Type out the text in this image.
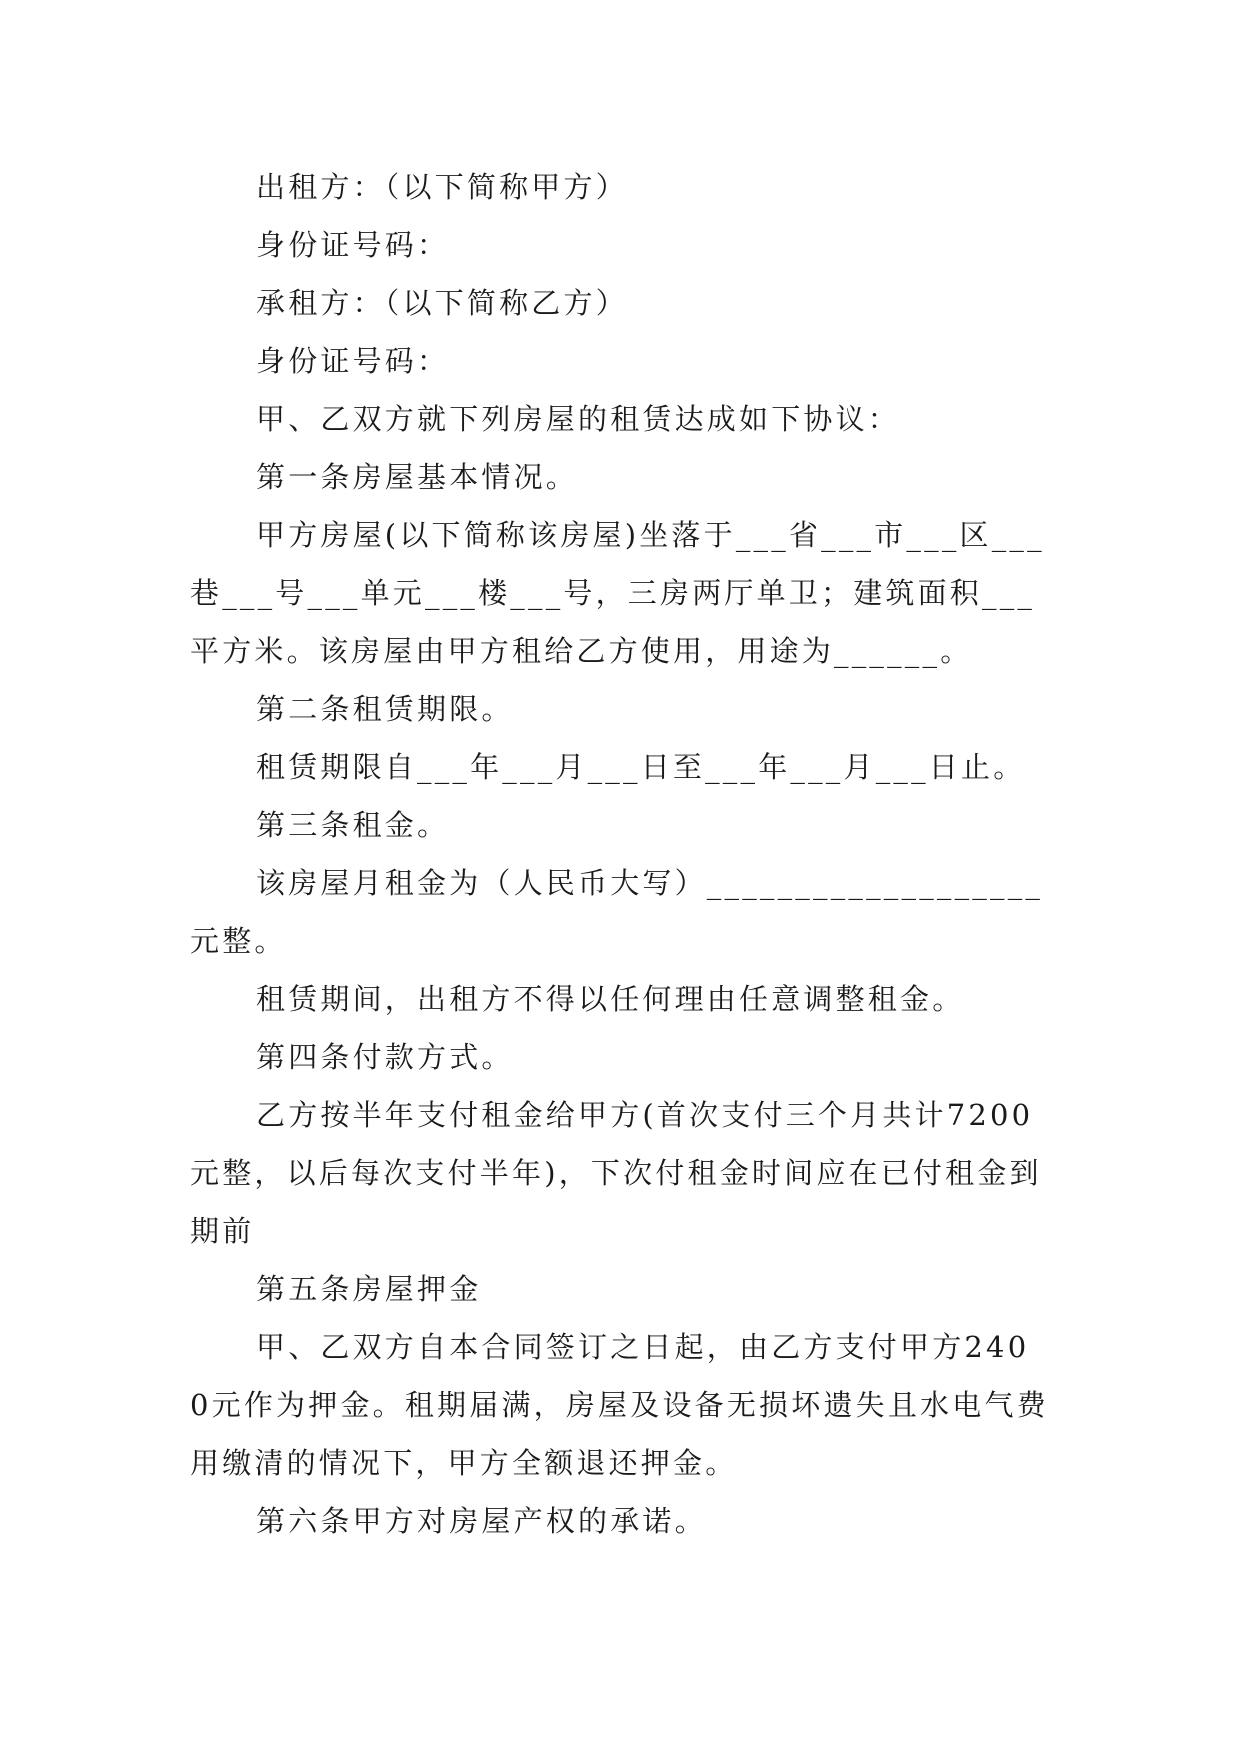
出租方：（以下简称甲方）

身份证号码：

承租方：（以下简称乙方）

身份证号码：

甲、乙双方就下列房屋的租赁达成如下协议：

第一条房屋基本情况。

甲方房屋(以下简称该房屋)坐落于___省___市___区___巷___号___单元___楼___号，三房两厅单卫；建筑面积___平方米。该房屋由甲方租给乙方使用，用途为______。

第二条租赁期限。

租赁期限自___年___月___日至___年___月___日止。

第三条租金。

该房屋月租金为（人民币大写）___________________元整。

租赁期间，出租方不得以任何理由任意调整租金。

第四条付款方式。

乙方按半年支付租金给甲方(首次支付三个月共计7200元整，以后每次支付半年)，下次付租金时间应在已付租金到期前

第五条房屋押金

甲、乙双方自本合同签订之日起，由乙方支付甲方2400元作为押金。租期届满，房屋及设备无损坏遗失且水电气费用缴清的情况下，甲方全额退还押金。

第六条甲方对房屋产权的承诺。
